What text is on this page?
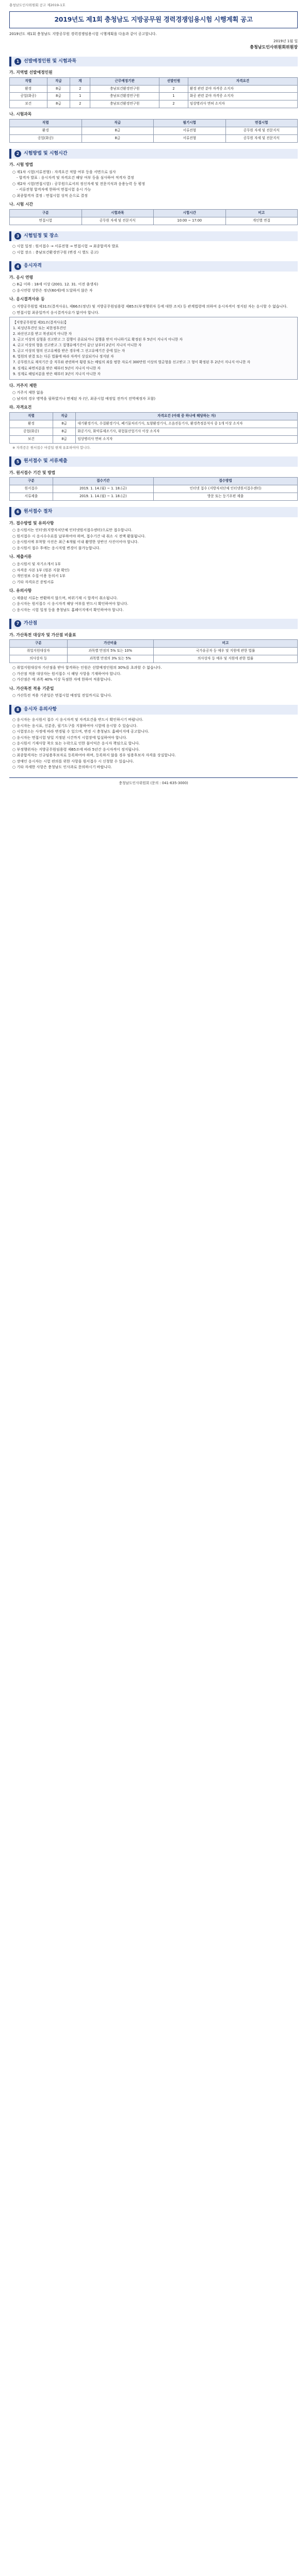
충청남도인사위원회 공고 제2019-1호
2019년도 제1회 충청남도 지방공무원 경력경쟁임용시험 시행계획 공고

2019년도 제1회 충청남도 지방공무원 경력경쟁임용시험 시행계획을 다음과 같이 공고합니다.

2019년 1월 일
충청남도인사위원회위원장
1 선발예정인원 및 시험과목
가. 지역별 선발예정인원
직렬	직급	계	근무예정기관	선발인원	자격요건
환경	8급	2	충남보건환경연구원	2	환경 관련 분야 자격증 소지자
공업(화공)	8급	1	충남보건환경연구원	1	화공 관련 분야 자격증 소지자
보건	8급	2	충남보건환경연구원	2	임상병리사 면허 소지자
나. 시험과목
직렬	직급	필기시험	면접시험
환경	8급	서류전형	공무원 자세 및 전문지식
공업(화공)	8급	서류전형	공무원 자세 및 전문지식
2 시험방법 및 시험시간
가. 시험 방법

○ 제1차 시험(서류전형) : 자격요건 적합 여부 등을 서면으로 심사

- 합격자 발표 : 응시자격 및 자격요건 해당 여부 등을 심사하여 적격자 결정

○ 제2차 시험(면접시험) : 공무원으로서의 정신자세 및 전문지식과 응용능력 등 평정

- 서류전형 합격자에 한하여 면접시험 응시 가능

○ 최종합격자 결정 : 면접시험 성적 순으로 결정

나. 시험 시간
구분	시험과목	시험시간	비고
면접시험	공무원 자세 및 전문지식	10:00 ~ 17:00	개인별 면접
3 시험일정 및 장소

○ 시험 일정 : 원서접수 → 서류전형 → 면접시험 → 최종합격자 발표

○ 시험 장소 : 충남보건환경연구원 (변경 시 별도 공고)

4 응시자격
가. 응시 연령

○ 8급 이하 : 18세 이상 (2001. 12. 31. 이전 출생자)

○ 응시연령 상한은 정년(60세)에 도달하지 않은 자

나. 응시결격사유 등

○ 지방공무원법 제31조(결격사유), 제66조(정년) 및 지방공무원임용령 제65조(부정행위자 등에 대한 조치) 등 관계법령에 의하여 응시자격이 정지된 자는 응시할 수 없습니다.

○ 면접시험 최종일까지 응시결격사유가 없어야 합니다.

【지방공무원법 제31조(결격사유)】

1. 피성년후견인 또는 피한정후견인

2. 파산선고를 받고 복권되지 아니한 자

3. 금고 이상의 실형을 선고받고 그 집행이 종료되거나 집행을 받지 아니하기로 확정된 후 5년이 지나지 아니한 자

4. 금고 이상의 형을 선고받고 그 집행유예기간이 끝난 날부터 2년이 지나지 아니한 자

5. 금고 이상의 형의 선고유예를 받은 경우에 그 선고유예기간 중에 있는 자

6. 법원의 판결 또는 다른 법률에 따라 자격이 상실되거나 정지된 자

7. 공무원으로 재직기간 중 직무와 관련하여 횡령 또는 배임의 죄를 범한 자로서 300만원 이상의 벌금형을 선고받고 그 형이 확정된 후 2년이 지나지 아니한 자

8. 징계로 파면처분을 받은 때부터 5년이 지나지 아니한 자

9. 징계로 해임처분을 받은 때부터 3년이 지나지 아니한 자

다. 거주지 제한

○ 거주지 제한 없음

○ 남자의 경우 병역을 필하였거나 면제된 자 (단, 최종시험 예정일 전까지 전역예정자 포함)

라. 자격요건
직렬	직급	자격요건 (아래 중 하나에 해당하는 자)
환경	8급	대기환경기사, 수질환경기사, 폐기물처리기사, 토양환경기사, 소음진동기사, 환경측정분석사 중 1개 이상 소지자
공업(화공)	8급	화공기사, 화약류제조기사, 위험물산업기사 이상 소지자
보건	8급	임상병리사 면허 소지자

※ 자격증은 원서접수 마감일 현재 유효하여야 합니다.

5 원서접수 및 서류제출
가. 원서접수 기간 및 방법
구분	접수기간	접수방법
원서접수	2019. 1. 14.(월) ~ 1. 18.(금)	인터넷 접수 (지방자치단체 인터넷원서접수센터)
서류제출	2019. 1. 14.(월) ~ 1. 18.(금)	방문 또는 등기우편 제출
6 원서접수 절차
가. 접수방법 및 유의사항

○ 응시원서는 인터넷(지방자치단체 인터넷원서접수센터)으로만 접수합니다.

○ 원서접수 시 응시수수료를 납부하여야 하며, 접수기간 내 취소 시 전액 환불됩니다.

○ 응시원서에 부착할 사진은 최근 6개월 이내 촬영한 상반신 사진이어야 합니다.

○ 응시원서 접수 후에는 응시직렬 변경이 불가능합니다.

나. 제출서류

○ 응시원서 및 자기소개서 1부

○ 자격증 사본 1부 (원본 지참 확인)

○ 개인정보 수집·이용 동의서 1부

○ 기타 자격요건 증빙서류

다. 유의사항

○ 제출된 서류는 반환하지 않으며, 허위기재 시 합격이 취소됩니다.

○ 응시자는 원서접수 시 응시자격 해당 여부를 반드시 확인하여야 합니다.

○ 응시자는 시험 일정 등을 충청남도 홈페이지에서 확인하여야 합니다.

7 가산점
가. 가산특전 대상자 및 가산점 비율표
구분	가산비율	비고
취업지원대상자	과목별 만점의 5% 또는 10%	국가유공자 등 예우 및 지원에 관한 법률
의사상자 등	과목별 만점의 3% 또는 5%	의사상자 등 예우 및 지원에 관한 법률

○ 취업지원대상자 가산점을 받아 합격하는 인원은 선발예정인원의 30%를 초과할 수 없습니다.

○ 가산점 적용 대상자는 원서접수 시 해당 사항을 기재하여야 합니다.

○ 가산점은 매 과목 40% 이상 득점한 자에 한하여 적용합니다.

나. 가산특전 적용 기준일

○ 가산특전 적용 기준일은 면접시험 예정일 전일까지로 합니다.

8 응시자 유의사항

○ 응시자는 응시원서 접수 시 응시자격 및 자격요건을 반드시 확인하시기 바랍니다.

○ 응시자는 응시표, 신분증, 필기도구를 지참하여야 시험에 응시할 수 있습니다.

○ 시험장소는 사정에 따라 변경될 수 있으며, 변경 시 충청남도 홈페이지에 공고합니다.

○ 응시자는 면접시험 당일 지정된 시간까지 시험장에 입실하여야 합니다.

○ 응시원서 기재사항 착오 또는 누락으로 인한 불이익은 응시자 책임으로 합니다.

○ 부정행위자는 지방공무원임용령 제65조에 따라 5년간 응시자격이 정지됩니다.

○ 최종합격자는 신규임용후보자로 등록하여야 하며, 등록하지 않을 경우 임용후보자 자격을 상실합니다.

○ 장애인 응시자는 시험 편의를 위한 사항을 원서접수 시 신청할 수 있습니다.

○ 기타 자세한 사항은 충청남도 인사과로 문의하시기 바랍니다.

충청남도인사위원회 (문의 : 041-635-3000)
